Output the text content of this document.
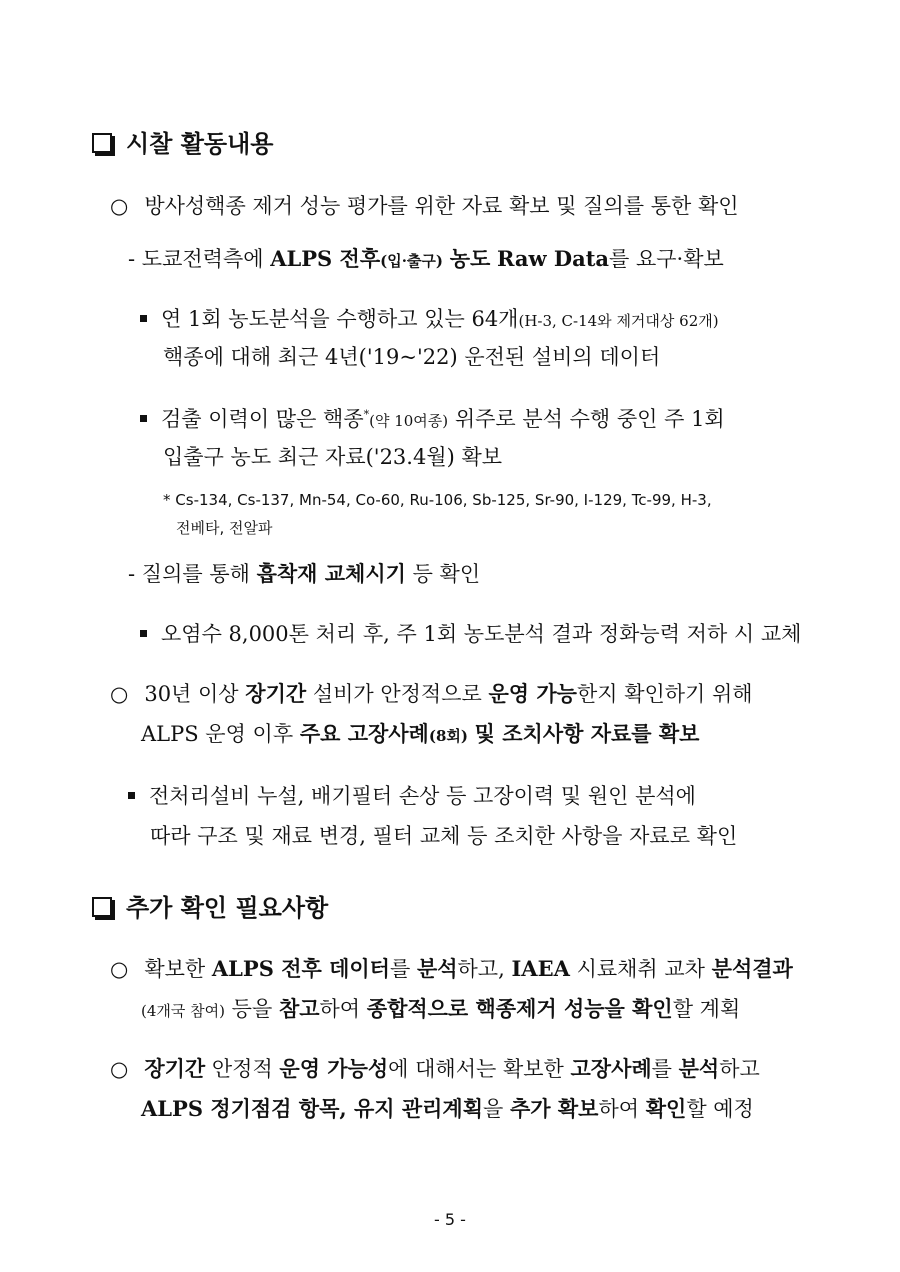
시찰 활동내용
○ 방사성핵종 제거 성능 평가를 위한 자료 확보 및 질의를 통한 확인
- 도쿄전력측에 ALPS 전후(입·출구) 농도 Raw Data를 요구·확보
연 1회 농도분석을 수행하고 있는 64개(H-3, C-14와 제거대상 62개)
핵종에 대해 최근 4년('19~'22) 운전된 설비의 데이터
검출 이력이 많은 핵종*(약 10여종) 위주로 분석 수행 중인 주 1회
입출구 농도 최근 자료('23.4월) 확보
* Cs-134, Cs-137, Mn-54, Co-60, Ru-106, Sb-125, Sr-90, I-129, Tc-99, H-3,
전베타, 전알파
- 질의를 통해 흡착재 교체시기 등 확인
오염수 8,000톤 처리 후, 주 1회 농도분석 결과 정화능력 저하 시 교체
○ 30년 이상 장기간 설비가 안정적으로 운영 가능한지 확인하기 위해
ALPS 운영 이후 주요 고장사례(8회) 및 조치사항 자료를 확보
전처리설비 누설, 배기필터 손상 등 고장이력 및 원인 분석에
따라 구조 및 재료 변경, 필터 교체 등 조치한 사항을 자료로 확인
추가 확인 필요사항
○ 확보한 ALPS 전후 데이터를 분석하고, IAEA 시료채취 교차 분석결과
(4개국 참여) 등을 참고하여 종합적으로 핵종제거 성능을 확인할 계획
○ 장기간 안정적 운영 가능성에 대해서는 확보한 고장사례를 분석하고
ALPS 정기점검 항목, 유지 관리계획을 추가 확보하여 확인할 예정
- 5 -
